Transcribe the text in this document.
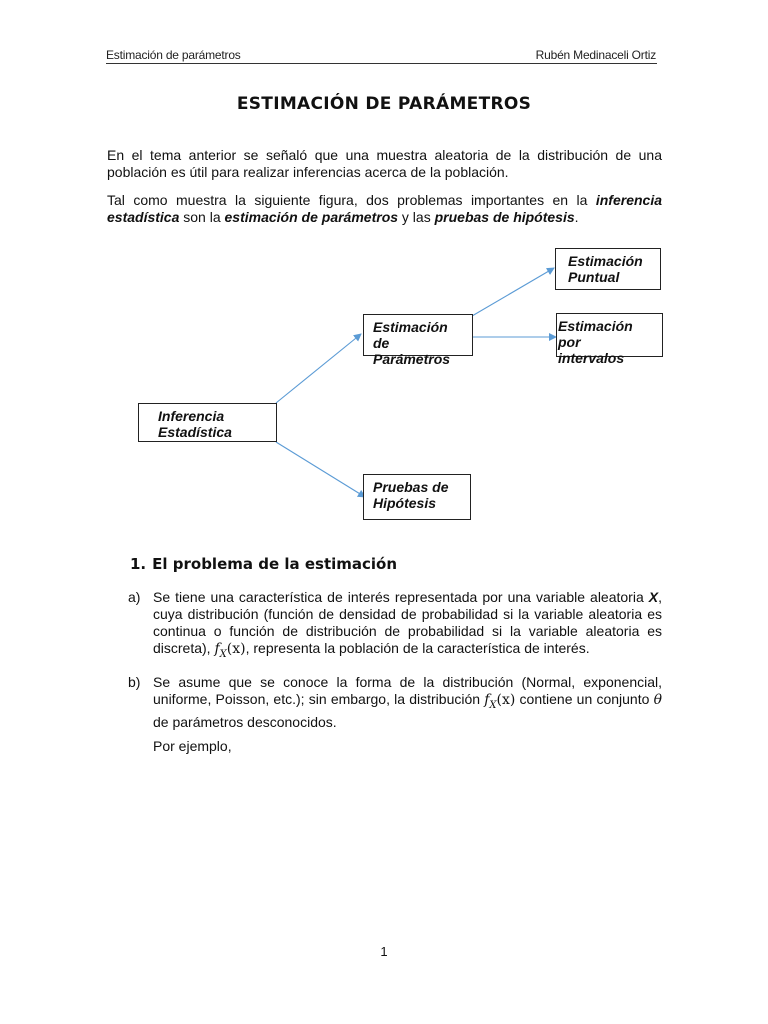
Estimación de parámetros	Rubén Medinaceli Ortiz
ESTIMACIÓN DE PARÁMETROS
En el tema anterior se señaló que una muestra aleatoria de la distribución de una población es útil para realizar inferencias acerca de la población.
Tal como muestra la siguiente figura, dos problemas importantes en la inferencia estadística son la estimación de parámetros y las pruebas de hipótesis.
Inferencia
Estadística
Estimación de
Parámetros
Pruebas de
Hipótesis
Estimación
Puntual
Estimación por
intervalos
1. El problema de la estimación
a) Se tiene una característica de interés representada por una variable aleatoria X, cuya distribución (función de densidad de probabilidad si la variable aleatoria es continua o función de distribución de probabilidad si la variable aleatoria es discreta), $f_X(x)$, representa la población de la característica de interés.
b) Se asume que se conoce la forma de la distribución (Normal, exponencial, uniforme, Poisson, etc.); sin embargo, la distribución $f_X(x)$ contiene un conjunto θ de parámetros desconocidos.
Por ejemplo,
1
